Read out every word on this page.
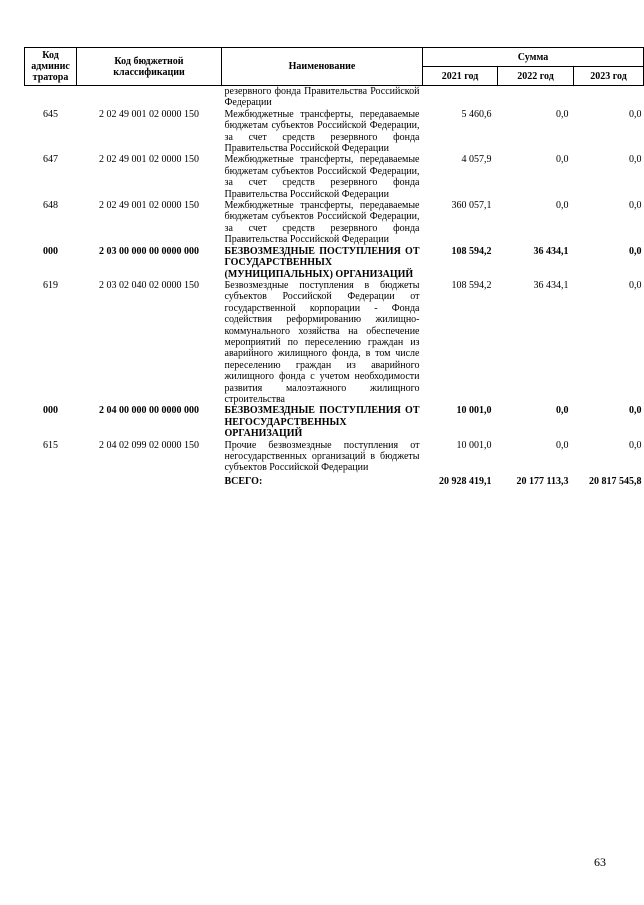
Код админис тратора	Код бюджетной классификации	Наименование	Сумма		
			2021 год	2022 год	2023 год
		резервного фонда Правительства Российской Федерации			
645	2 02 49 001 02 0000 150	Межбюджетные трансферты, передаваемые бюджетам субъектов Российской Федерации, за счет средств резервного фонда Правительства Российской Федерации	5 460,6	0,0	0,0
647	2 02 49 001 02 0000 150	Межбюджетные трансферты, передаваемые бюджетам субъектов Российской Федерации, за счет средств резервного фонда Правительства Российской Федерации	4 057,9	0,0	0,0
648	2 02 49 001 02 0000 150	Межбюджетные трансферты, передаваемые бюджетам субъектов Российской Федерации, за счет средств резервного фонда Правительства Российской Федерации	360 057,1	0,0	0,0
000	2 03 00 000 00 0000 000	БЕЗВОЗМЕЗДНЫЕ ПОСТУПЛЕНИЯ ОТ ГОСУДАРСТВЕННЫХ (МУНИЦИПАЛЬНЫХ) ОРГАНИЗАЦИЙ	108 594,2	36 434,1	0,0
619	2 03 02 040 02 0000 150	Безвозмездные поступления в бюджеты субъектов Российской Федерации от государственной корпорации - Фонда содействия реформированию жилищно-коммунального хозяйства на обеспечение мероприятий по переселению граждан из аварийного жилищного фонда, в том числе переселению граждан из аварийного жилищного фонда с учетом необходимости развития малоэтажного жилищного строительства	108 594,2	36 434,1	0,0
000	2 04 00 000 00 0000 000	БЕЗВОЗМЕЗДНЫЕ ПОСТУПЛЕНИЯ ОТ НЕГОСУДАРСТВЕННЫХ ОРГАНИЗАЦИЙ	10 001,0	0,0	0,0
615	2 04 02 099 02 0000 150	Прочие безвозмездные поступления от негосударственных организаций в бюджеты субъектов Российской Федерации	10 001,0	0,0	0,0
		ВСЕГО:	20 928 419,1	20 177 113,3	20 817 545,8
63
